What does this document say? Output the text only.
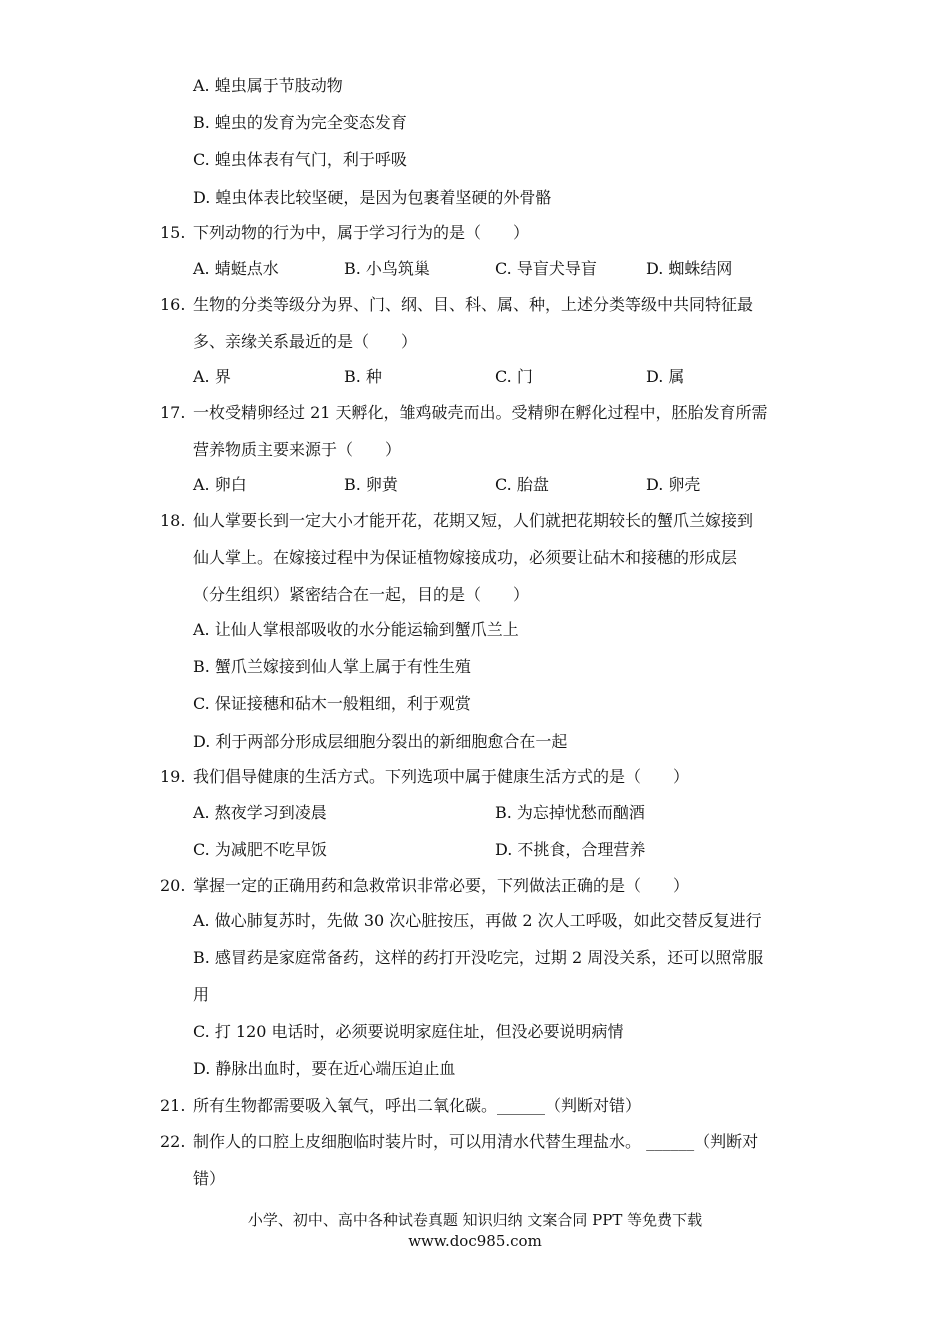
A. 蝗虫属于节肢动物
B. 蝗虫的发育为完全变态发育
C. 蝗虫体表有气门，利于呼吸
D. 蝗虫体表比较坚硬，是因为包裹着坚硬的外骨骼
15. 下列动物的行为中，属于学习行为的是（　　）
A. 蜻蜓点水	B. 小鸟筑巢	C. 导盲犬导盲	D. 蜘蛛结网
16. 生物的分类等级分为界、门、纲、目、科、属、种，上述分类等级中共同特征最
多、亲缘关系最近的是（　　）
A. 界	B. 种	C. 门	D. 属
17. 一枚受精卵经过 21 天孵化，雏鸡破壳而出。受精卵在孵化过程中，胚胎发育所需
营养物质主要来源于（　　）
A. 卵白	B. 卵黄	C. 胎盘	D. 卵壳
18. 仙人掌要长到一定大小才能开花，花期又短，人们就把花期较长的蟹爪兰嫁接到
仙人掌上。在嫁接过程中为保证植物嫁接成功，必须要让砧木和接穗的形成层
（分生组织）紧密结合在一起，目的是（　　）
A. 让仙人掌根部吸收的水分能运输到蟹爪兰上
B. 蟹爪兰嫁接到仙人掌上属于有性生殖
C. 保证接穗和砧木一般粗细，利于观赏
D. 利于两部分形成层细胞分裂出的新细胞愈合在一起
19. 我们倡导健康的生活方式。下列选项中属于健康生活方式的是（　　）
A. 熬夜学习到凌晨	B. 为忘掉忧愁而酗酒
C. 为减肥不吃早饭	D. 不挑食，合理营养
20. 掌握一定的正确用药和急救常识非常必要，下列做法正确的是（　　）
A. 做心肺复苏时，先做 30 次心脏按压，再做 2 次人工呼吸，如此交替反复进行
B. 感冒药是家庭常备药，这样的药打开没吃完，过期 2 周没关系，还可以照常服
用
C. 打 120 电话时，必须要说明家庭住址，但没必要说明病情
D. 静脉出血时，要在近心端压迫止血
21. 所有生物都需要吸入氧气，呼出二氧化碳。______（判断对错）
22. 制作人的口腔上皮细胞临时装片时，可以用清水代替生理盐水。 ______（判断对
错）
小学、初中、高中各种试卷真题 知识归纳 文案合同 PPT 等免费下载
www.doc985.com
